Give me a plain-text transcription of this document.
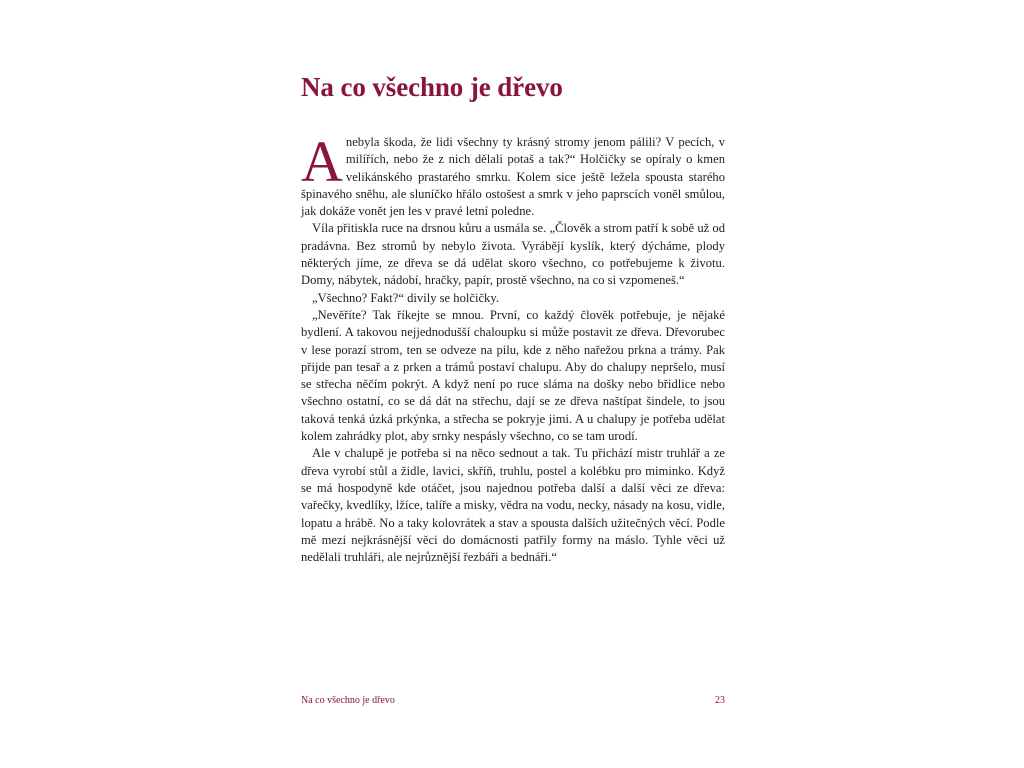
Na co všechno je dřevo

Anebyla škoda, že lidi všechny ty krásný stromy jenom pálili? V pecích, v milířích, nebo že z nich dělali potaš a tak?“ Holčičky se opíraly o kmen velikánského prastarého smrku. Kolem sice ještě ležela spousta starého špinavého sněhu, ale sluníčko hřálo ostošest a smrk v jeho paprscích voněl smůlou, jak dokáže vonět jen les v pravé letní poledne.

Víla přitiskla ruce na drsnou kůru a usmála se. „Člověk a strom patří k sobě už od pradávna. Bez stromů by nebylo života. Vyrábějí kyslík, který dýcháme, plody některých jíme, ze dřeva se dá udělat skoro všechno, co potřebujeme k životu. Domy, nábytek, nádobí, hračky, papír, prostě všechno, na co si vzpomeneš.“

„Všechno? Fakt?“ divily se holčičky.

„Nevěříte? Tak říkejte se mnou. První, co každý člověk potřebuje, je nějaké bydlení. A takovou nejjednodušší chaloupku si může postavit ze dřeva. Dřevorubec v lese porazí strom, ten se odveze na pilu, kde z něho nařežou prkna a trámy. Pak přijde pan tesař a z prken a trámů postaví chalupu. Aby do chalupy nepršelo, musí se střecha něčím pokrýt. A když není po ruce sláma na došky nebo břidlice nebo všechno ostatní, co se dá dát na střechu, dají se ze dřeva naštípat šindele, to jsou taková tenká úzká prkýnka, a střecha se pokryje jimi. A u chalupy je potřeba udělat kolem zahrádky plot, aby srnky nespásly všechno, co se tam urodí.

Ale v chalupě je potřeba si na něco sednout a tak. Tu přichází mistr truhlář a ze dřeva vyrobí stůl a židle, lavici, skříň, truhlu, postel a kolébku pro miminko. Když se má hospodyně kde otáčet, jsou najednou potřeba další a další věci ze dřeva: vařečky, kvedlíky, lžíce, talíře a misky, vědra na vodu, necky, násady na kosu, vidle, lopatu a hrábě. No a taky kolovrátek a stav a spousta dalších užitečných věcí. Podle mě mezi nejkrásnější věci do domácnosti patřily formy na máslo. Tyhle věci už nedělali truhláři, ale nejrůznější řezbáři a bednáři.“

Na co všechno je dřevo	23
